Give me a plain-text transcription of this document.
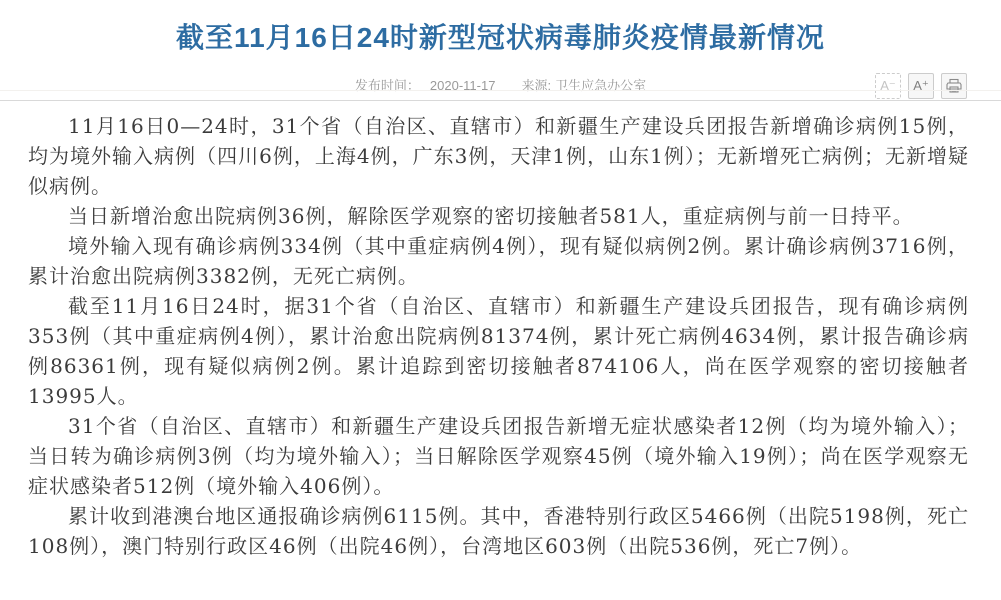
截至11月16日24时新型冠状病毒肺炎疫情最新情况
发布时间： 2020-11-17 来源: 卫生应急办公室	A⁻	A⁺

11月16日0—24时，31个省（自治区、直辖市）和新疆生产建设兵团报告新增确诊病例15例，均为境外输入病例（四川6例，上海4例，广东3例，天津1例，山东1例）；无新增死亡病例；无新增疑似病例。

当日新增治愈出院病例36例，解除医学观察的密切接触者581人，重症病例与前一日持平。

境外输入现有确诊病例334例（其中重症病例4例），现有疑似病例2例。累计确诊病例3716例，累计治愈出院病例3382例，无死亡病例。

截至11月16日24时，据31个省（自治区、直辖市）和新疆生产建设兵团报告，现有确诊病例353例（其中重症病例4例），累计治愈出院病例81374例，累计死亡病例4634例，累计报告确诊病例86361例，现有疑似病例2例。累计追踪到密切接触者874106人，尚在医学观察的密切接触者13995人。

31个省（自治区、直辖市）和新疆生产建设兵团报告新增无症状感染者12例（均为境外输入）；当日转为确诊病例3例（均为境外输入）；当日解除医学观察45例（境外输入19例）；尚在医学观察无症状感染者512例（境外输入406例）。

累计收到港澳台地区通报确诊病例6115例。其中，香港特别行政区5466例（出院5198例，死亡108例），澳门特别行政区46例（出院46例），台湾地区603例（出院536例，死亡7例）。
